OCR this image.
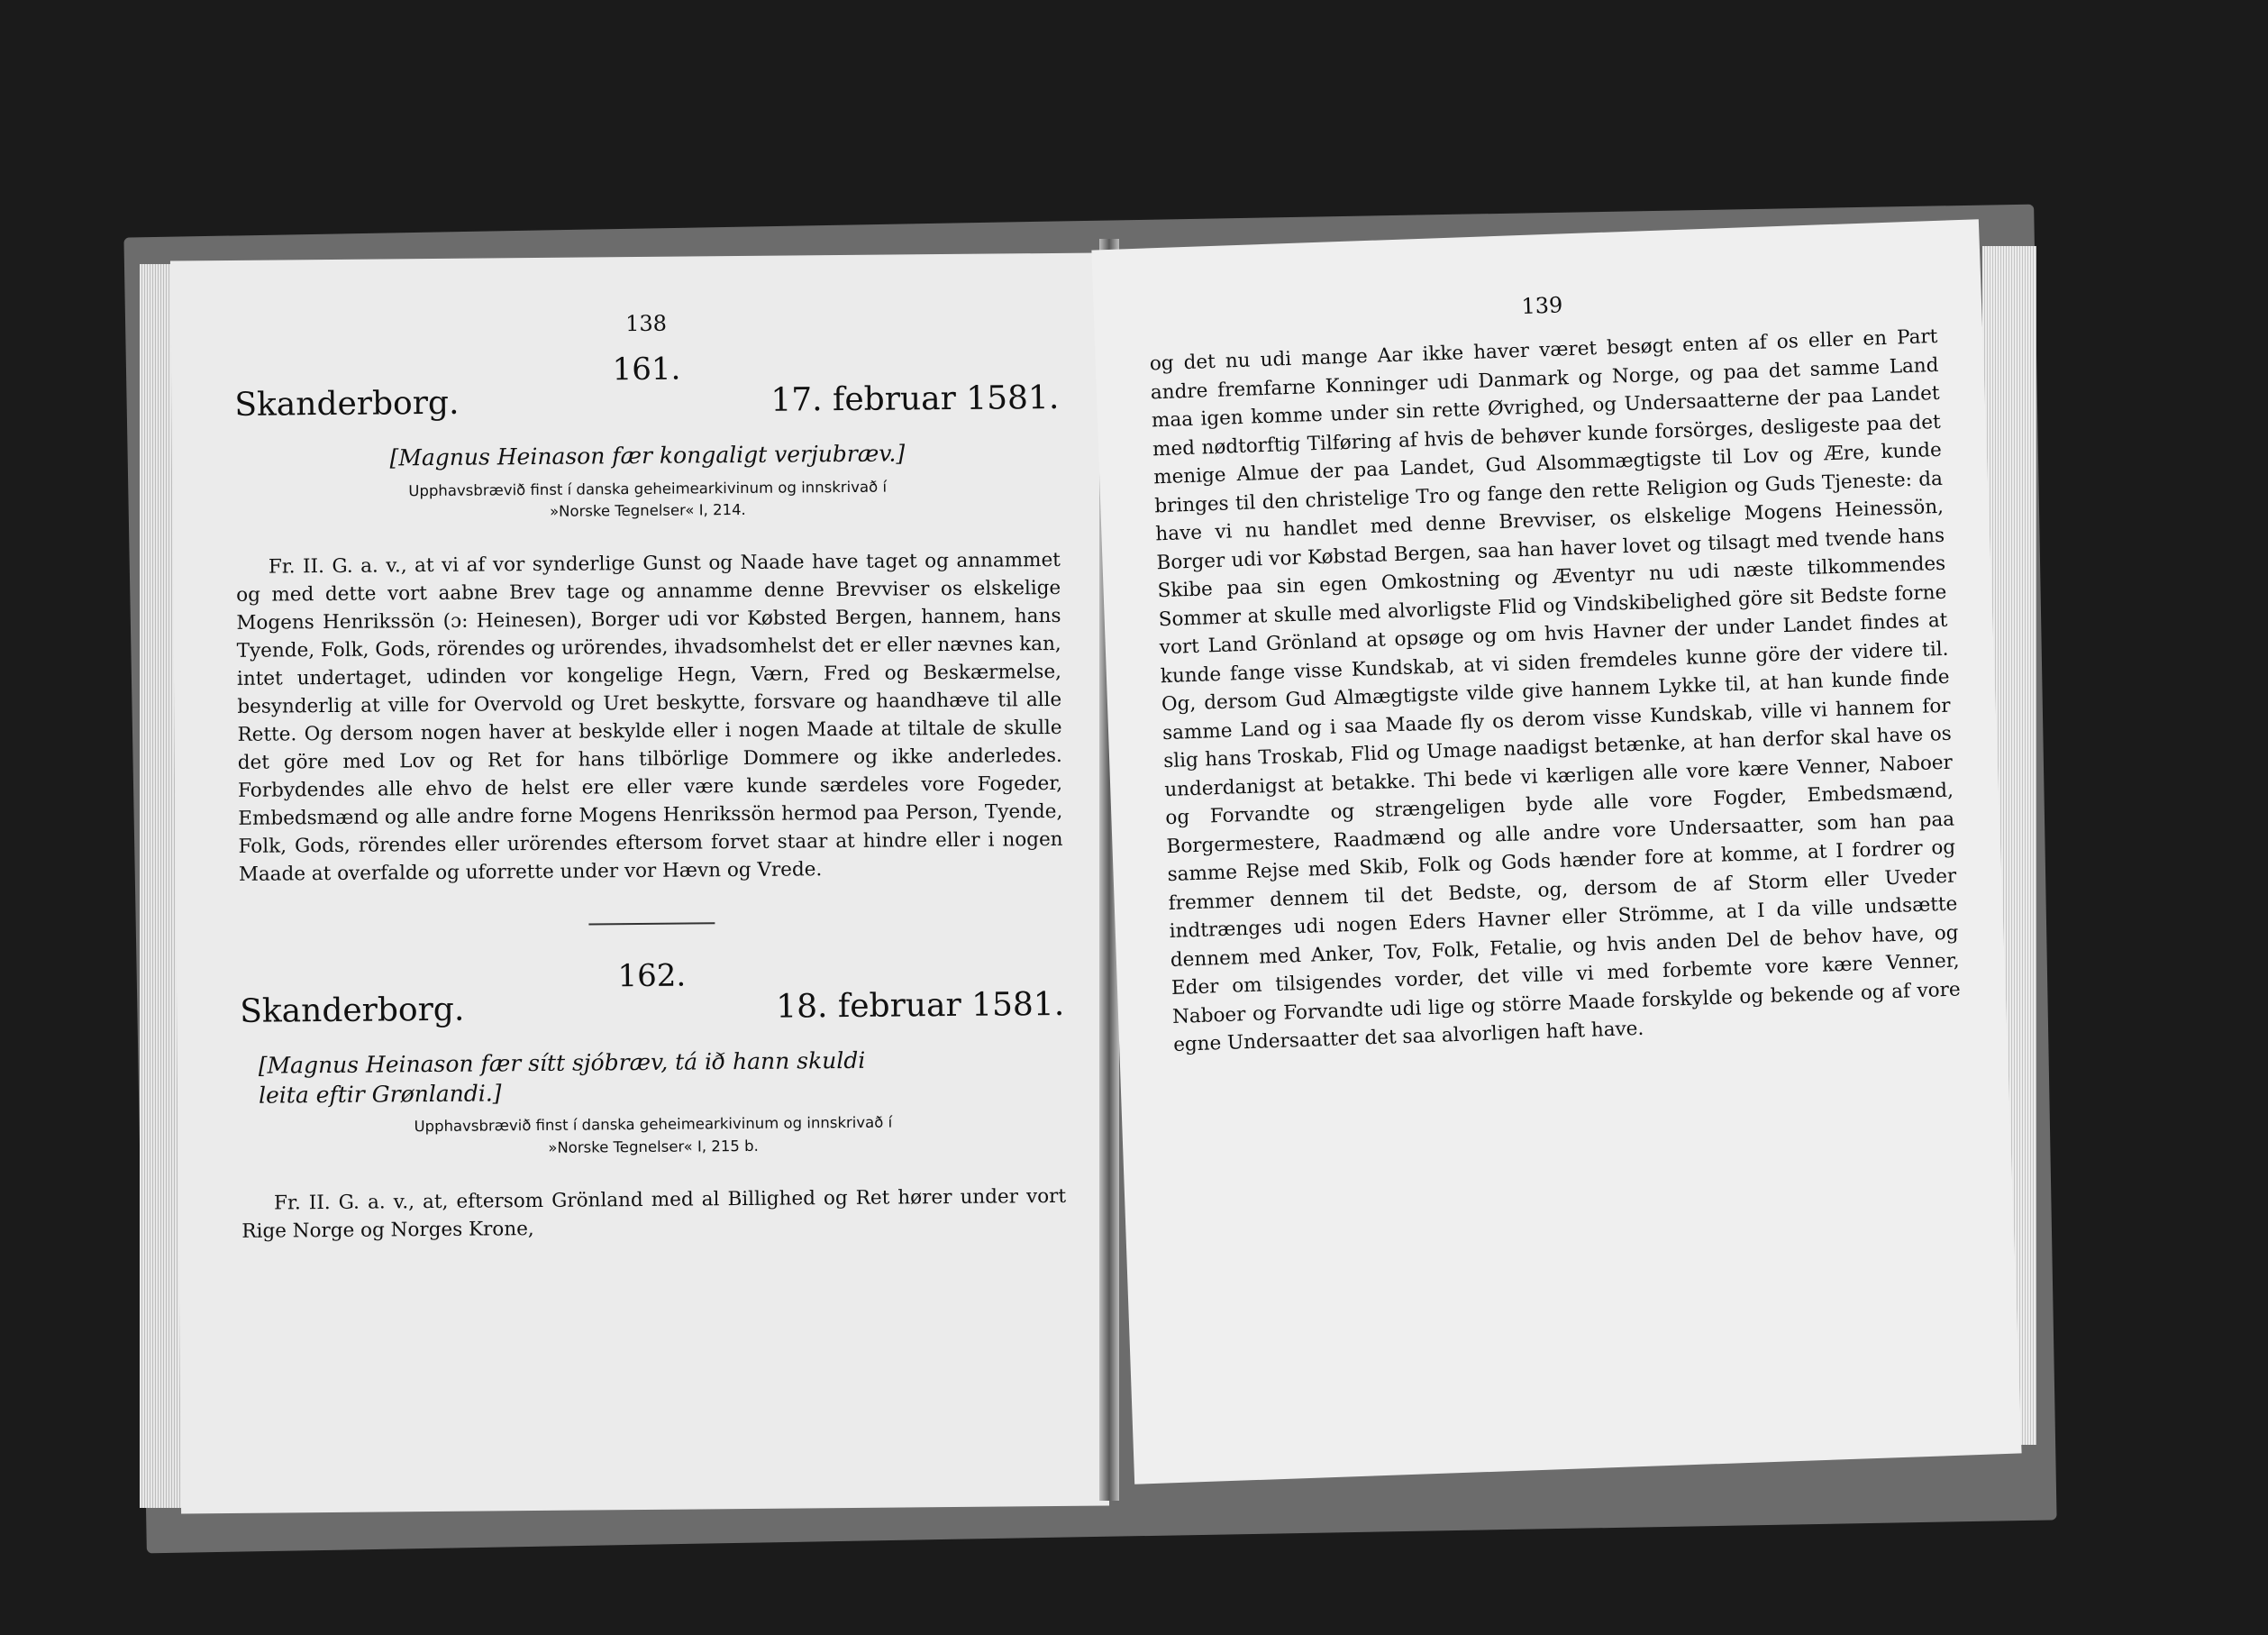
138
161.
Skanderborg.	17. februar 1581.

[Magnus Heinason fær kongaligt verjubræv.]

Upphavsbrævið finst í danska geheimearkivinum og innskrivað í
»Norske Tegnelser« I, 214.

Fr. II. G. a. v., at vi af vor synderlige Gunst og Naade have taget og annammet og med dette vort aabne Brev tage og annamme denne Brevviser os elskelige Mogens Henrikssön (ɔ: Heinesen), Borger udi vor Købsted Bergen, hannem, hans Tyende, Folk, Gods, rörendes og urörendes, ihvadsomhelst det er eller nævnes kan, intet undertaget, udinden vor kongelige Hegn, Værn, Fred og Beskærmelse, besynderlig at ville for Overvold og Uret beskytte, forsvare og haandhæve til alle Rette. Og dersom nogen haver at beskylde eller i nogen Maade at tiltale de skulle det göre med Lov og Ret for hans tilbörlige Dommere og ikke anderledes. Forbydendes alle ehvo de helst ere eller være kunde særdeles vore Fogeder, Embedsmænd og alle andre forne Mogens Henrikssön hermod paa Person, Tyende, Folk, Gods, rörendes eller urörendes eftersom forvet staar at hindre eller i nogen Maade at overfalde og uforrette under vor Hævn og Vrede.

162.
Skanderborg.	18. februar 1581.
[Magnus Heinason fær sítt sjóbræv, tá ið hann skuldi
leita eftir Grønlandi.]
Upphavsbrævið finst í danska geheimearkivinum og innskrivað í
»Norske Tegnelser« I, 215 b.

Fr. II. G. a. v., at, eftersom Grönland med al Billighed og Ret hører under vort Rige Norge og Norges Krone,

139

og det nu udi mange Aar ikke haver været besøgt enten af os eller en Part andre fremfarne Konninger udi Danmark og Norge, og paa det samme Land maa igen komme under sin rette Øvrighed, og Undersaatterne der paa Landet med nødtorftig Tilføring af hvis de behøver kunde forsörges, desligeste paa det menige Almue der paa Landet, Gud Alsommægtigste til Lov og Ære, kunde bringes til den christelige Tro og fange den rette Religion og Guds Tjeneste: da have vi nu handlet med denne Brevviser, os elskelige Mogens Heinessön, Borger udi vor Købstad Bergen, saa han haver lovet og tilsagt med tvende hans Skibe paa sin egen Omkostning og Æventyr nu udi næste tilkommendes Sommer at skulle med alvorligste Flid og Vindskibelighed göre sit Bedste forne vort Land Grönland at opsøge og om hvis Havner der under Landet findes at kunde fange visse Kundskab, at vi siden fremdeles kunne göre der videre til. Og, dersom Gud Almægtigste vilde give hannem Lykke til, at han kunde finde samme Land og i saa Maade fly os derom visse Kundskab, ville vi hannem for slig hans Troskab, Flid og Umage naadigst betænke, at han derfor skal have os underdanigst at betakke. Thi bede vi kærligen alle vore kære Venner, Naboer og Forvandte og strængeligen byde alle vore Fogder, Embedsmænd, Borgermestere, Raadmænd og alle andre vore Undersaatter, som han paa samme Rejse med Skib, Folk og Gods hænder fore at komme, at I fordrer og fremmer dennem til det Bedste, og, dersom de af Storm eller Uveder indtrænges udi nogen Eders Havner eller Strömme, at I da ville undsætte dennem med Anker, Tov, Folk, Fetalie, og hvis anden Del de behov have, og Eder om tilsigendes vorder, det ville vi med forbemte vore kære Venner, Naboer og Forvandte udi lige og större Maade forskylde og bekende og af vore egne Undersaatter det saa alvorligen haft have.
